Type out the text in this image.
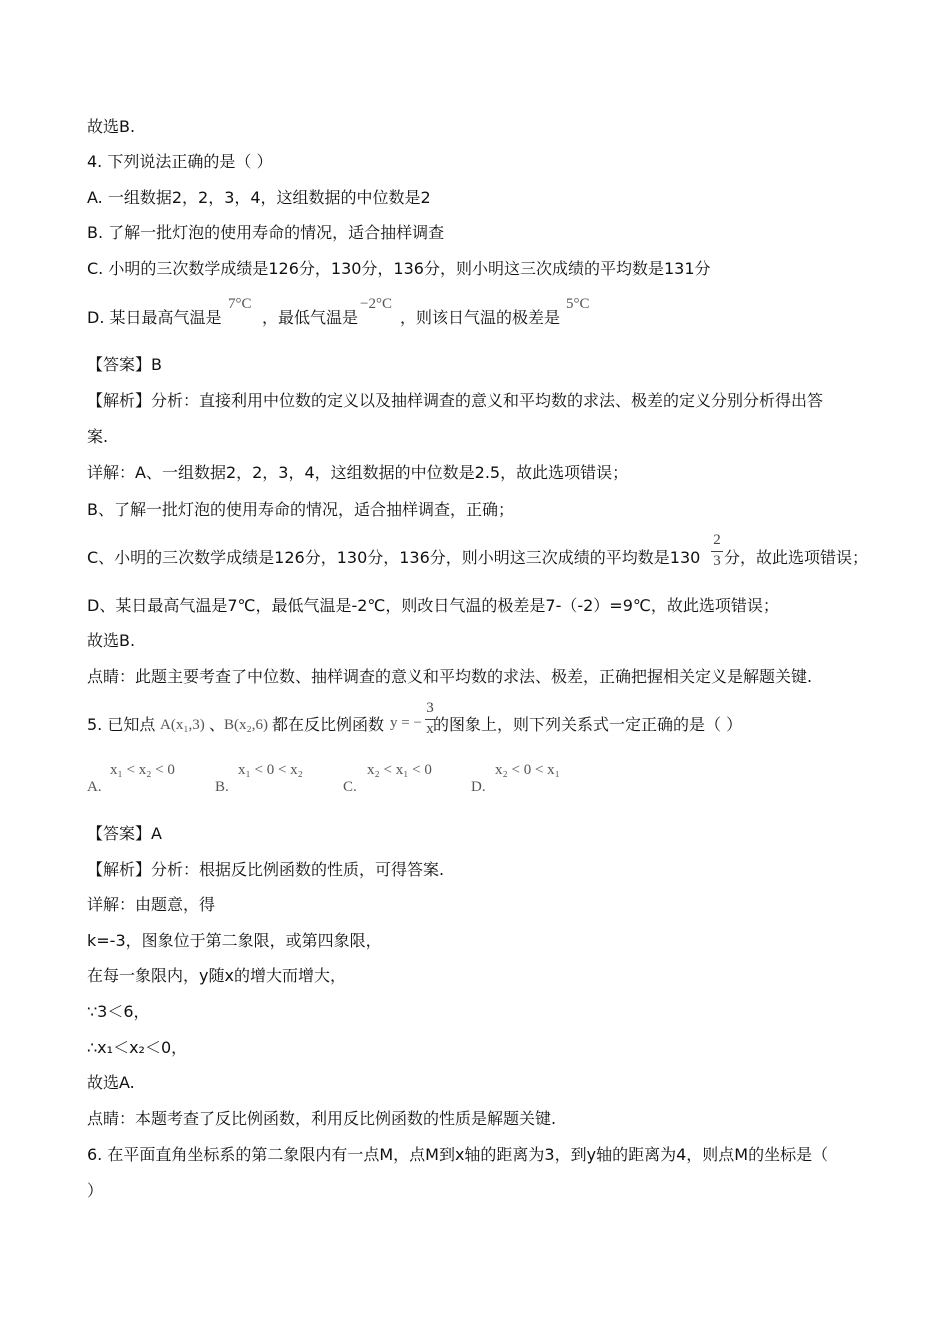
故选B.
4. 下列说法正确的是（ ）
A. 一组数据2，2，3，4，这组数据的中位数是2
B. 了解一批灯泡的使用寿命的情况，适合抽样调查
C. 小明的三次数学成绩是126分，130分，136分，则小明这三次成绩的平均数是131分
D. 某日最高气温是
7°C
，最低气温是
−2°C
，则该日气温的极差是
5°C
【答案】B
【解析】分析：直接利用中位数的定义以及抽样调查的意义和平均数的求法、极差的定义分别分析得出答
案.
详解：A、一组数据2，2，3，4，这组数据的中位数是2.5，故此选项错误；
B、了解一批灯泡的使用寿命的情况，适合抽样调查，正确；
C、小明的三次数学成绩是126分，130分，136分，则小明这三次成绩的平均数是130
2
3 分，故此选项错误；
D、某日最高气温是7℃，最低气温是-2℃，则改日气温的极差是7-（-2）=9℃，故此选项错误；
故选B.
点睛：此题主要考查了中位数、抽样调查的意义和平均数的求法、极差，正确把握相关定义是解题关键.
5. 已知点 A(x₁,3) 、
B(x₂,6) 都在反比例函数 y = −
3
x 的图象上，则下列关系式一定正确的是（ ）
A.
x₁ < x₂ < 0
B.
x₁ < 0 < x₂
C.
x₂ < x₁ < 0
D.
x₂ < 0 < x₁
【答案】A
【解析】分析：根据反比例函数的性质，可得答案.
详解：由题意，得
k=-3，图象位于第二象限，或第四象限，
在每一象限内，y随x的增大而增大，
∵3＜6，
∴x₁＜x₂＜0，
故选A.
点睛：本题考查了反比例函数，利用反比例函数的性质是解题关键.
6. 在平面直角坐标系的第二象限内有一点M，点M到x轴的距离为3，到y轴的距离为4，则点M的坐标是（
）
